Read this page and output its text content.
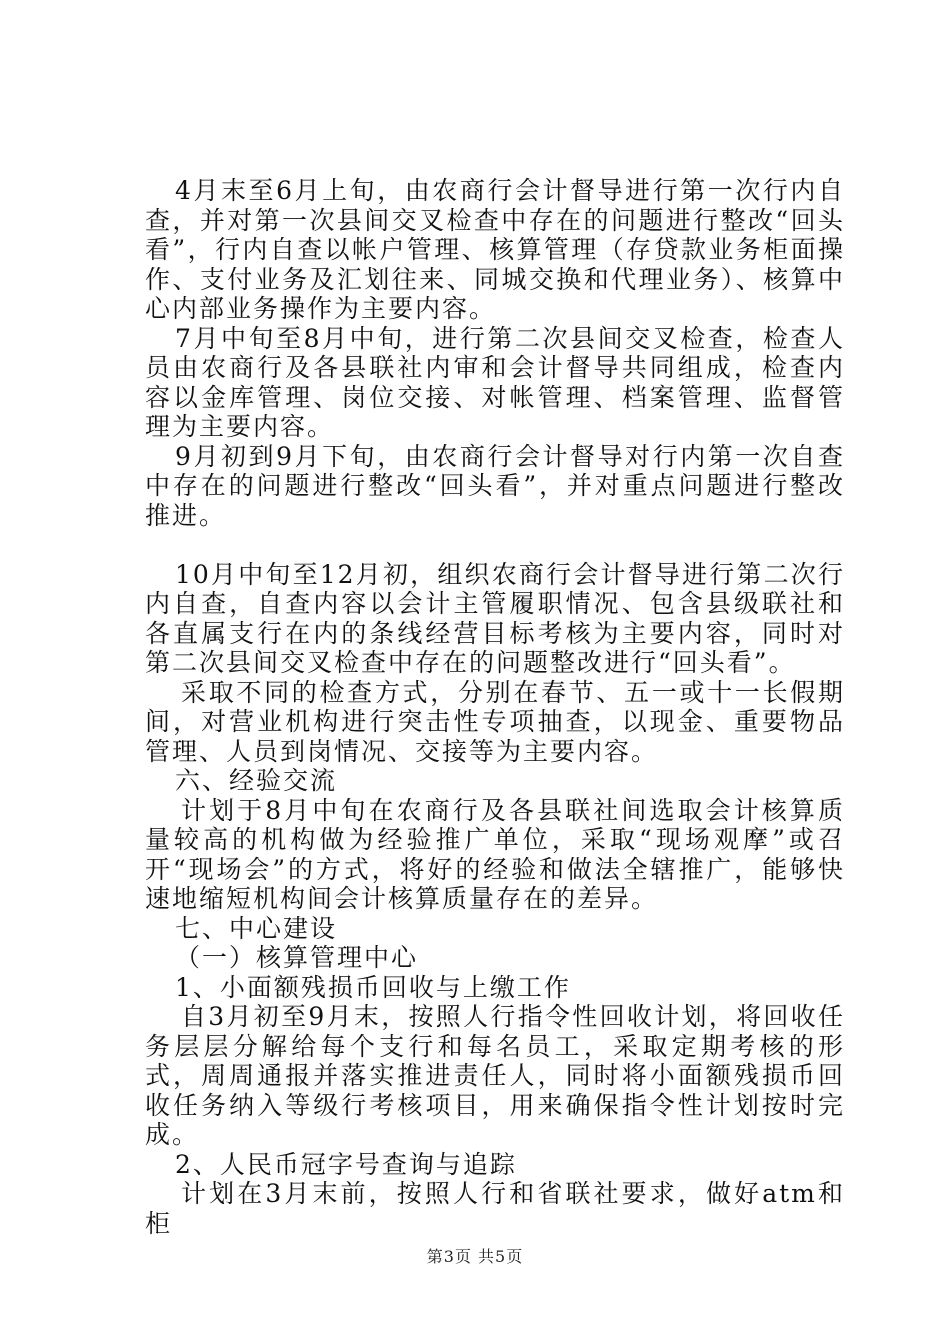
4月末至6月上旬，由农商行会计督导进行第一次行内自查，并对第一次县间交叉检查中存在的问题进行整改“回头看”，行内自查以帐户管理、核算管理（存贷款业务柜面操作、支付业务及汇划往来、同城交换和代理业务）、核算中心内部业务操作为主要内容。

7月中旬至8月中旬，进行第二次县间交叉检查，检查人员由农商行及各县联社内审和会计督导共同组成，检查内容以金库管理、岗位交接、对帐管理、档案管理、监督管理为主要内容。

9月初到9月下旬，由农商行会计督导对行内第一次自查中存在的问题进行整改“回头看”，并对重点问题进行整改推进。

10月中旬至12月初，组织农商行会计督导进行第二次行内自查，自查内容以会计主管履职情况、包含县级联社和各直属支行在内的条线经营目标考核为主要内容，同时对第二次县间交叉检查中存在的问题整改进行“回头看”。

采取不同的检查方式，分别在春节、五一或十一长假期间，对营业机构进行突击性专项抽查，以现金、重要物品管理、人员到岗情况、交接等为主要内容。

六、经验交流

计划于8月中旬在农商行及各县联社间选取会计核算质量较高的机构做为经验推广单位，采取“现场观摩”或召开“现场会”的方式，将好的经验和做法全辖推广，能够快速地缩短机构间会计核算质量存在的差异。

七、中心建设

（一）核算管理中心

1、小面额残损币回收与上缴工作

自3月初至9月末，按照人行指令性回收计划，将回收任务层层分解给每个支行和每名员工，采取定期考核的形式，周周通报并落实推进责任人，同时将小面额残损币回收任务纳入等级行考核项目，用来确保指令性计划按时完成。

2、人民币冠字号查询与追踪

计划在3月末前，按照人行和省联社要求，做好atm和柜

第3页 共5页
